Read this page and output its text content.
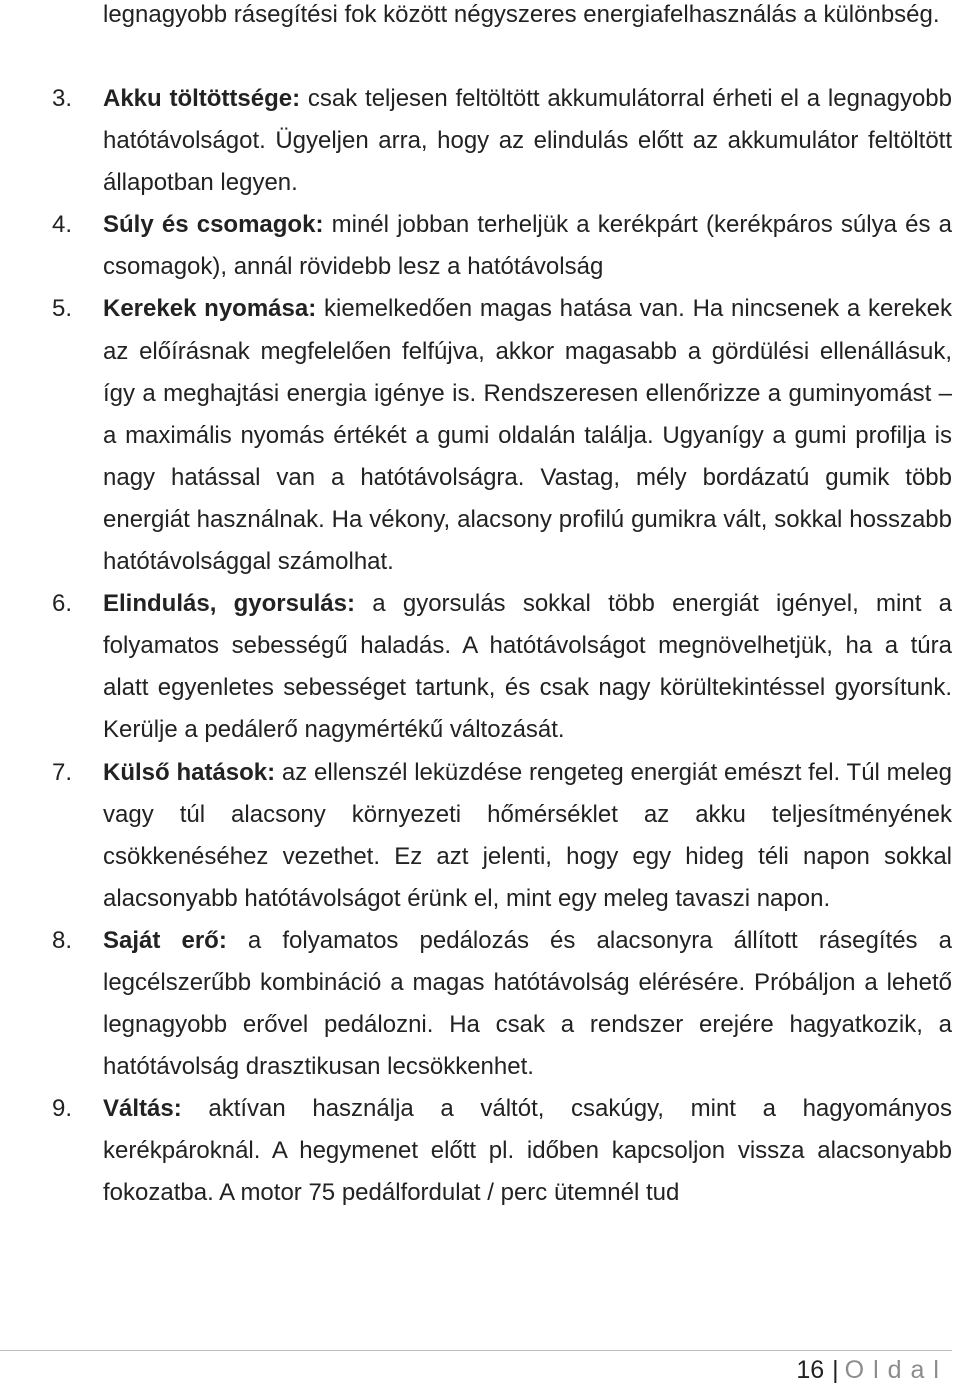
legnagyobb rásegítési fok között négyszeres energiafelhasználás a különbség.

3.	Akku töltöttsége: csak teljesen feltöltött akkumulátorral érheti el a legnagyobb hatótávolságot. Ügyeljen arra, hogy az elindulás előtt az akkumulátor feltöltött állapotban legyen.
4.	Súly és csomagok: minél jobban terheljük a kerékpárt (kerékpáros súlya és a csomagok), annál rövidebb lesz a hatótávolság
5.	Kerekek nyomása: kiemelkedően magas hatása van. Ha nincsenek a kerekek az előírásnak megfelelően felfújva, akkor magasabb a gördülési ellenállásuk, így a meghajtási energia igénye is. Rendszeresen ellenőrizze a guminyomást – a maximális nyomás értékét a gumi oldalán találja. Ugyanígy a gumi profilja is nagy hatással van a hatótávolságra. Vastag, mély bordázatú gumik több energiát használnak. Ha vékony, alacsony profilú gumikra vált, sokkal hosszabb hatótávolsággal számolhat.
6.	Elindulás, gyorsulás: a gyorsulás sokkal több energiát igényel, mint a folyamatos sebességű haladás. A hatótávolságot megnövelhetjük, ha a túra alatt egyenletes sebességet tartunk, és csak nagy körültekintéssel gyorsítunk. Kerülje a pedálerő nagymértékű változását.
7.	Külső hatások: az ellenszél leküzdése rengeteg energiát emészt fel. Túl meleg vagy túl alacsony környezeti hőmérséklet az akku teljesítményének csökkenéséhez vezethet. Ez azt jelenti, hogy egy hideg téli napon sokkal alacsonyabb hatótávolságot érünk el, mint egy meleg tavaszi napon.
8.	Saját erő: a folyamatos pedálozás és alacsonyra állított rásegítés a legcélszerűbb kombináció a magas hatótávolság elérésére. Próbáljon a lehető legnagyobb erővel pedálozni. Ha csak a rendszer erejére hagyatkozik, a hatótávolság drasztikusan lecsökkenhet.
9.	Váltás: aktívan használja a váltót, csakúgy, mint a hagyományos kerékpároknál. A hegymenet előtt pl. időben kapcsoljon vissza alacsonyabb fokozatba. A motor 75 pedálfordulat / perc ütemnél tud
16 | Oldal
